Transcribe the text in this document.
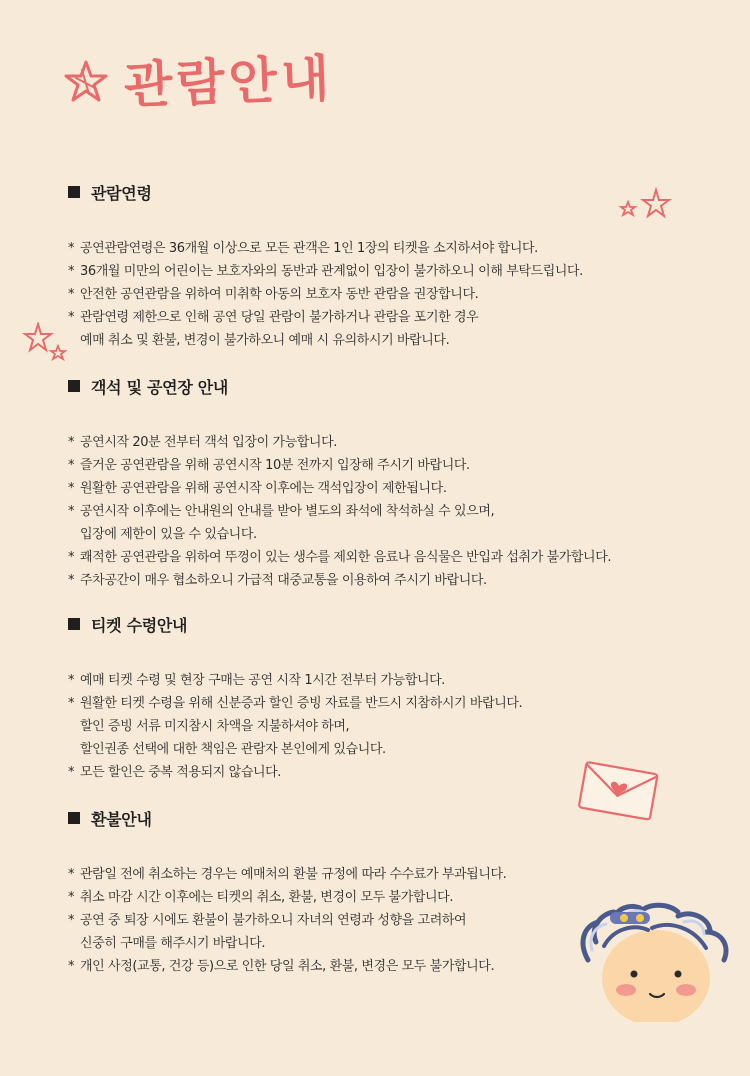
관람안내
관람연령
* 공연관람연령은 36개월 이상으로 모든 관객은 1인 1장의 티켓을 소지하셔야 합니다.
* 36개월 미만의 어린이는 보호자와의 동반과 관계없이 입장이 불가하오니 이해 부탁드립니다.
* 안전한 공연관람을 위하여 미취학 아동의 보호자 동반 관람을 권장합니다.
* 관람연령 제한으로 인해 공연 당일 관람이 불가하거나 관람을 포기한 경우
예매 취소 및 환불, 변경이 불가하오니 예매 시 유의하시기 바랍니다.
객석 및 공연장 안내
* 공연시작 20분 전부터 객석 입장이 가능합니다.
* 즐거운 공연관람을 위해 공연시작 10분 전까지 입장해 주시기 바랍니다.
* 원활한 공연관람을 위해 공연시작 이후에는 객석입장이 제한됩니다.
* 공연시작 이후에는 안내원의 안내를 받아 별도의 좌석에 착석하실 수 있으며,
입장에 제한이 있을 수 있습니다.
* 쾌적한 공연관람을 위하여 뚜껑이 있는 생수를 제외한 음료나 음식물은 반입과 섭취가 불가합니다.
* 주차공간이 매우 협소하오니 가급적 대중교통을 이용하여 주시기 바랍니다.
티켓 수령안내
* 예매 티켓 수령 및 현장 구매는 공연 시작 1시간 전부터 가능합니다.
* 원활한 티켓 수령을 위해 신분증과 할인 증빙 자료를 반드시 지참하시기 바랍니다.
할인 증빙 서류 미지참시 차액을 지불하셔야 하며,
할인권종 선택에 대한 책임은 관람자 본인에게 있습니다.
* 모든 할인은 중복 적용되지 않습니다.
환불안내
* 관람일 전에 취소하는 경우는 예매처의 환불 규정에 따라 수수료가 부과됩니다.
* 취소 마감 시간 이후에는 티켓의 취소, 환불, 변경이 모두 불가합니다.
* 공연 중 퇴장 시에도 환불이 불가하오니 자녀의 연령과 성향을 고려하여
신중히 구매를 해주시기 바랍니다.
* 개인 사정(교통, 건강 등)으로 인한 당일 취소, 환불, 변경은 모두 불가합니다.
